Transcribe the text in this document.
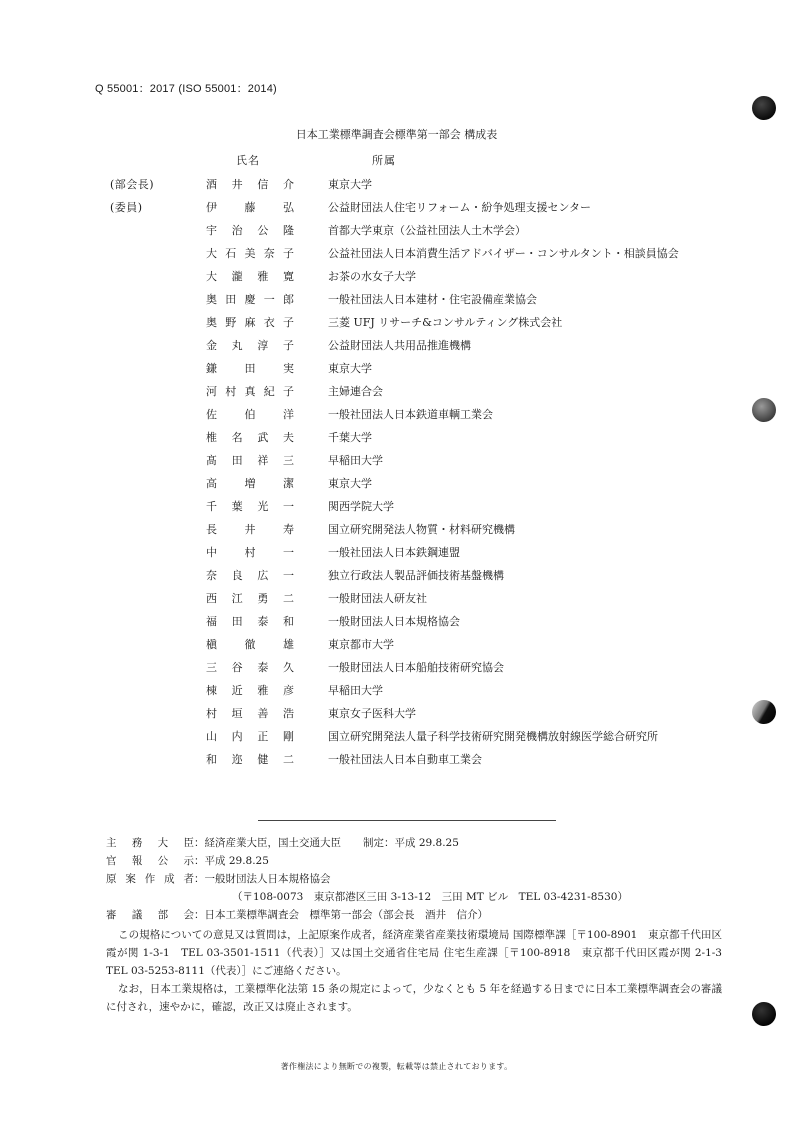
Q 55001：2017 (ISO 55001：2014)
日本工業標準調査会標準第一部会 構成表
氏名	所属
(部会長)	酒井信介	東京大学
(委員)	伊藤弘	公益財団法人住宅リフォーム・紛争処理支援センター
宇治公隆	首都大学東京（公益社団法人土木学会）
大石美奈子	公益社団法人日本消費生活アドバイザー・コンサルタント・相談員協会
大瀧雅寛	お茶の水女子大学
奥田慶一郎	一般社団法人日本建材・住宅設備産業協会
奥野麻衣子	三菱 UFJ リサーチ&コンサルティング株式会社
金丸淳子	公益財団法人共用品推進機構
鎌田実	東京大学
河村真紀子	主婦連合会
佐伯洋	一般社団法人日本鉄道車輌工業会
椎名武夫	千葉大学
髙田祥三	早稲田大学
高増潔	東京大学
千葉光一	関西学院大学
長井寿	国立研究開発法人物質・材料研究機構
中村一	一般社団法人日本鉄鋼連盟
奈良広一	独立行政法人製品評価技術基盤機構
西江勇二	一般財団法人研友社
福田泰和	一般財団法人日本規格協会
槇徹雄	東京都市大学
三谷泰久	一般財団法人日本船舶技術研究協会
棟近雅彦	早稲田大学
村垣善浩	東京女子医科大学
山内正剛	国立研究開発法人量子科学技術研究開発機構放射線医学総合研究所
和迩健二	一般社団法人日本自動車工業会
主務大臣：経済産業大臣，国土交通大臣 制定：平成 29.8.25
官報公示：平成 29.8.25
原案作成者：一般財団法人日本規格協会
（〒108-0073　東京都港区三田 3-13-12　三田 MT ビル　TEL 03-4231-8530）
審議部会：日本工業標準調査会　標準第一部会（部会長　酒井　信介）

この規格についての意見又は質問は，上記原案作成者，経済産業省産業技術環境局 国際標準課［〒100-8901　東京都千代田区霞が関 1-3-1　TEL 03-3501-1511（代表）］又は国土交通省住宅局 住宅生産課［〒100-8918　東京都千代田区霞が関 2-1-3　TEL 03-5253-8111（代表）］にご連絡ください。

なお，日本工業規格は，工業標準化法第 15 条の規定によって，少なくとも 5 年を経過する日までに日本工業標準調査会の審議に付され，速やかに，確認，改正又は廃止されます。

著作権法により無断での複製，転載等は禁止されております。
